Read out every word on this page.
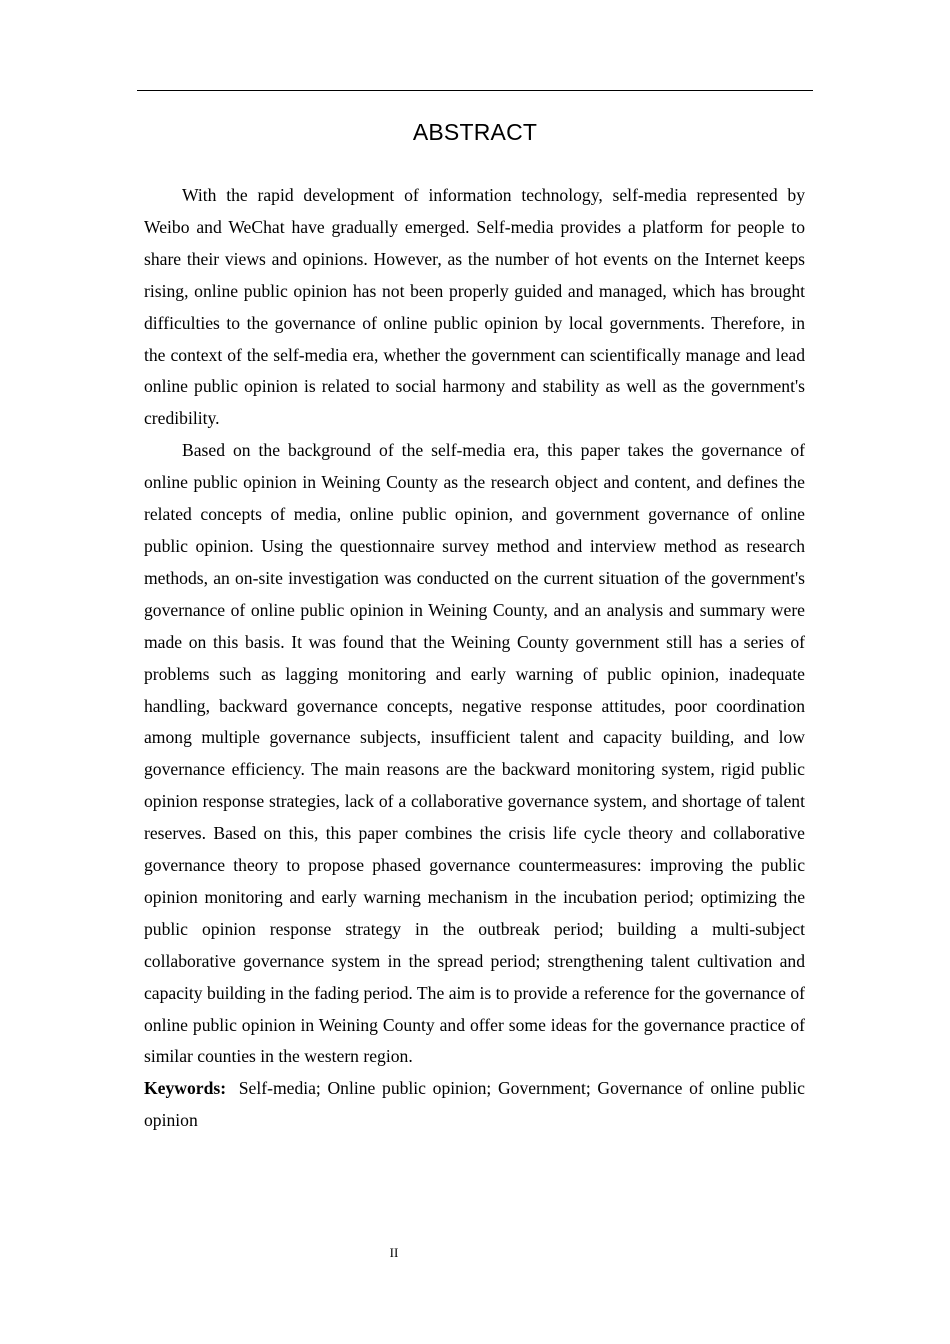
ABSTRACT

With the rapid development of information technology, self-media represented by Weibo and WeChat have gradually emerged. Self-media provides a platform for people to share their views and opinions. However, as the number of hot events on the Internet keeps rising, online public opinion has not been properly guided and managed, which has brought difficulties to the governance of online public opinion by local governments. Therefore, in the context of the self-media era, whether the government can scientifically manage and lead online public opinion is related to social harmony and stability as well as the government's credibility.

Based on the background of the self-media era, this paper takes the governance of online public opinion in Weining County as the research object and content, and defines the related concepts of media, online public opinion, and government governance of online public opinion. Using the questionnaire survey method and interview method as research methods, an on-site investigation was conducted on the current situation of the government's governance of online public opinion in Weining County, and an analysis and summary were made on this basis. It was found that the Weining County government still has a series of problems such as lagging monitoring and early warning of public opinion, inadequate handling, backward governance concepts, negative response attitudes, poor coordination among multiple governance subjects, insufficient talent and capacity building, and low governance efficiency. The main reasons are the backward monitoring system, rigid public opinion response strategies, lack of a collaborative governance system, and shortage of talent reserves. Based on this, this paper combines the crisis life cycle theory and collaborative governance theory to propose phased governance countermeasures: improving the public opinion monitoring and early warning mechanism in the incubation period; optimizing the public opinion response strategy in the outbreak period; building a multi-subject collaborative governance system in the spread period; strengthening talent cultivation and capacity building in the fading period. The aim is to provide a reference for the governance of online public opinion in Weining County and offer some ideas for the governance practice of similar counties in the western region.

Keywords: Self-media; Online public opinion; Government; Governance of online public opinion

II
